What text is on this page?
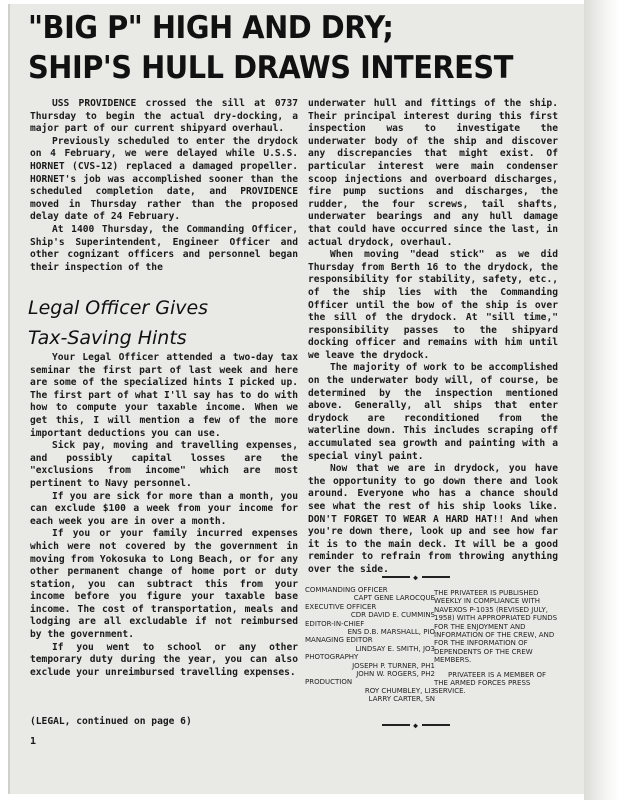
"BIG P" HIGH AND DRY;
SHIP'S HULL DRAWS INTEREST

USS PROVIDENCE crossed the sill at 0737 Thursday to begin the actual dry-docking, a major part of our current shipyard overhaul.

Previously scheduled to enter the drydock on 4 February, we were delayed while U.S.S. HORNET (CVS-12) replaced a damaged propeller. HORNET's job was accomplished sooner than the scheduled completion date, and PROVIDENCE moved in Thursday rather than the proposed delay date of 24 February.

At 1400 Thursday, the Commanding Officer, Ship's Superintendent, Engineer Officer and other cognizant officers and personnel began their inspection of the

Legal Officer Gives
Tax-Saving Hints

Your Legal Officer attended a two-day tax seminar the first part of last week and here are some of the specialized hints I picked up. The first part of what I'll say has to do with how to compute your taxable income. When we get this, I will mention a few of the more important deductions you can use.

Sick pay, moving and travelling expenses, and possibly capital losses are the "exclusions from income" which are most pertinent to Navy personnel.

If you are sick for more than a month, you can exclude $100 a week from your income for each week you are in over a month.

If you or your family incurred expenses which were not covered by the government in moving from Yokosuka to Long Beach, or for any other permanent change of home port or duty station, you can subtract this from your income before you figure your taxable base income. The cost of transportation, meals and lodging are all excludable if not reimbursed by the government.

If you went to school or any other temporary duty during the year, you can also exclude your unreimbursed travelling expenses.

(LEGAL, continued on page 6)
1

underwater hull and fittings of the ship. Their principal interest during this first inspection was to investigate the underwater body of the ship and discover any discrepancies that might exist. Of particular interest were main condenser scoop injections and overboard discharges, fire pump suctions and discharges, the rudder, the four screws, tail shafts, underwater bearings and any hull damage that could have occurred since the last, in actual drydock, overhaul.

When moving "dead stick" as we did Thursday from Berth 16 to the drydock, the responsibility for stability, safety, etc., of the ship lies with the Commanding Officer until the bow of the ship is over the sill of the drydock. At "sill time," responsibility passes to the shipyard docking officer and remains with him until we leave the drydock.

The majority of work to be accomplished on the underwater body will, of course, be determined by the inspection mentioned above. Generally, all ships that enter drydock are reconditioned from the waterline down. This includes scraping off accumulated sea growth and painting with a special vinyl paint.

Now that we are in drydock, you have the opportunity to go down there and look around. Everyone who has a chance should see what the rest of his ship looks like. DON'T FORGET TO WEAR A HARD HAT!! And when you're down there, look up and see how far it is to the main deck. It will be a good reminder to refrain from throwing anything over the side.

◆
COMMANDING OFFICER
CAPT GENE LAROCQUE
EXECUTIVE OFFICER
CDR DAVID E. CUMMINS
EDITOR-IN-CHIEF
ENS D.B. MARSHALL, PIO
MANAGING EDITOR
LINDSAY E. SMITH, JO3
PHOTOGRAPHY
JOSEPH P. TURNER, PH1
JOHN W. ROGERS, PH2
PRODUCTION
ROY CHUMBLEY, LI3
LARRY CARTER, SN

THE PRIVATEER IS PUBLISHED WEEKLY IN COMPLIANCE WITH NAVEXOS P-1035 (REVISED JULY, 1958) WITH APPROPRIATED FUNDS FOR THE ENJOYMENT AND INFORMATION OF THE CREW, AND FOR THE INFORMATION OF DEPENDENTS OF THE CREW MEMBERS.

PRIVATEER IS A MEMBER OF THE ARMED FORCES PRESS SERVICE.

◆
